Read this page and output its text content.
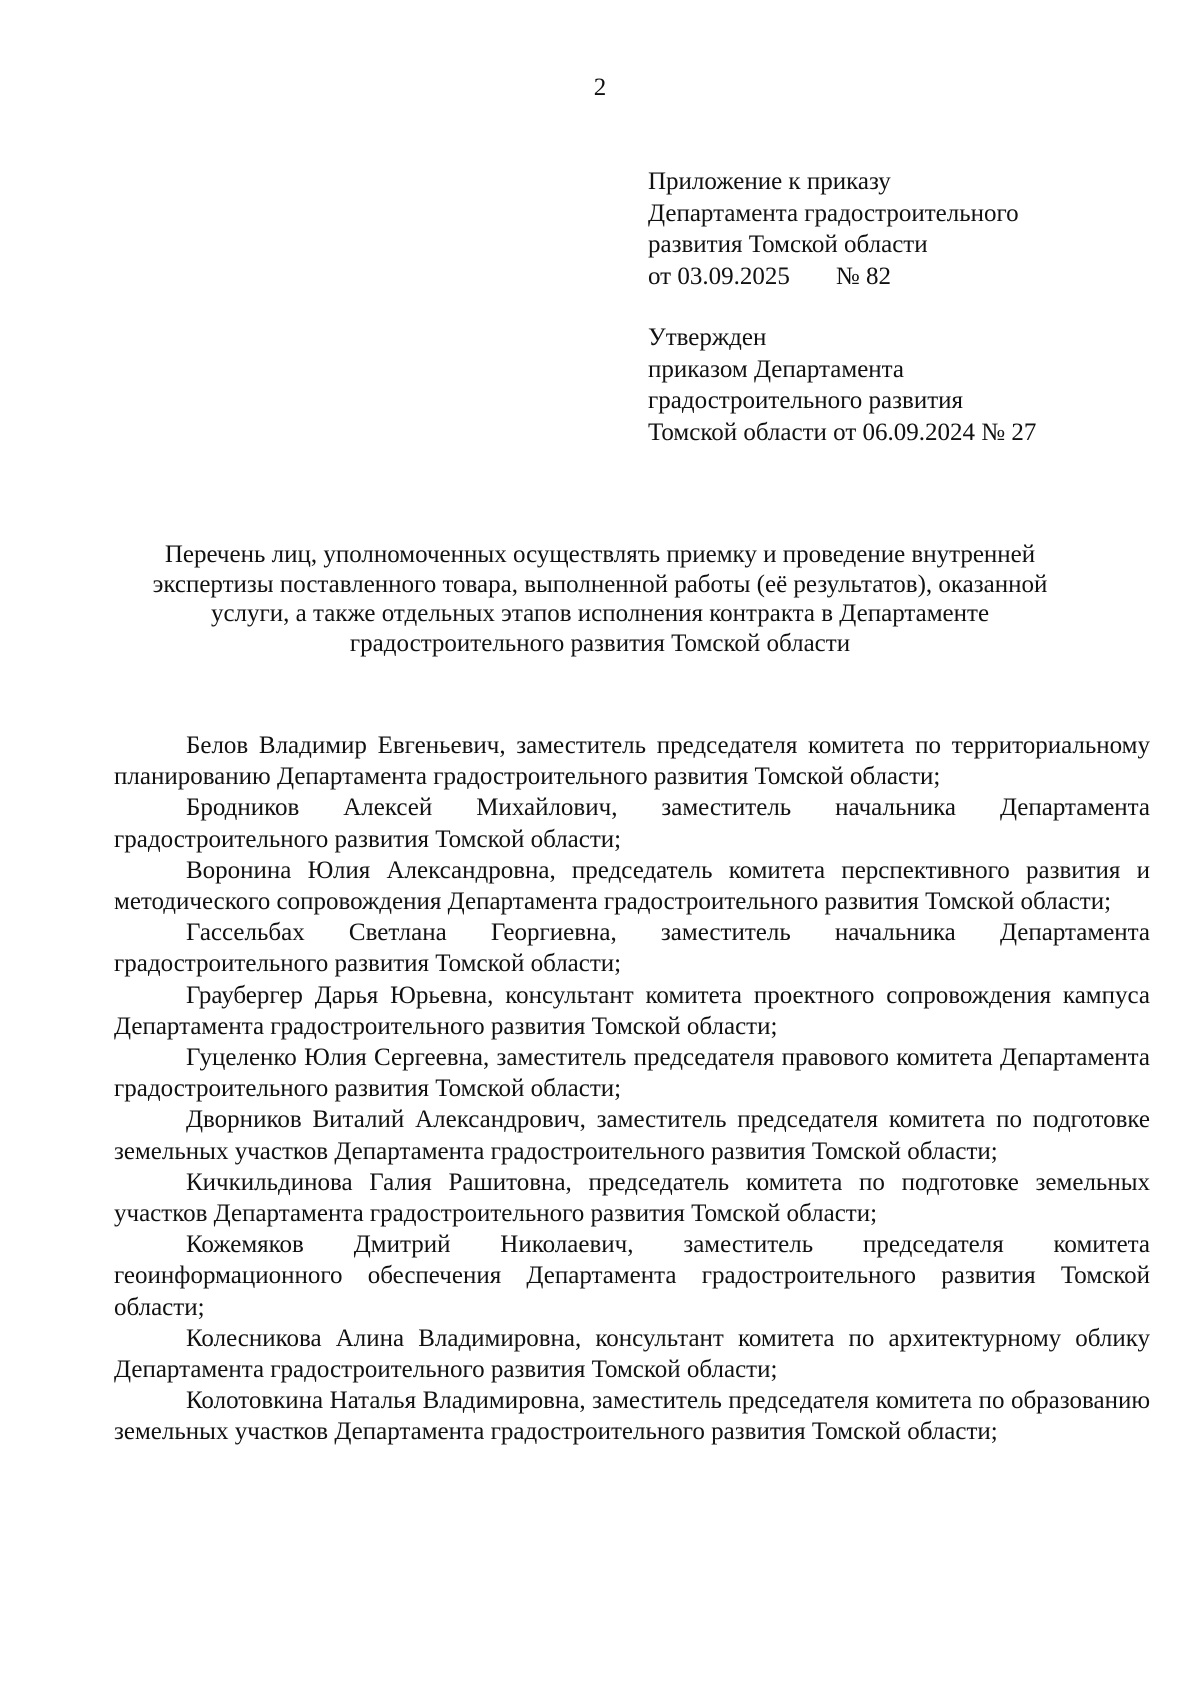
2
Приложение к приказу
Департамента градостроительного
развития Томской области
от 03.09.2025 № 82
Утвержден
приказом Департамента
градостроительного развития
Томской области от 06.09.2024 № 27
Перечень лиц, уполномоченных осуществлять приемку и проведение внутренней
экспертизы поставленного товара, выполненной работы (её результатов), оказанной
услуги, а также отдельных этапов исполнения контракта в Департаменте
градостроительного развития Томской области

Белов Владимир Евгеньевич, заместитель председателя комитета по территориальному планированию Департамента градостроительного развития Томской области;

Бродников Алексей Михайлович, заместитель начальника Департамента градостроительного развития Томской области;

Воронина Юлия Александровна, председатель комитета перспективного развития и методического сопровождения Департамента градостроительного развития Томской области;

Гассельбах Светлана Георгиевна, заместитель начальника Департамента градостроительного развития Томской области;

Граубергер Дарья Юрьевна, консультант комитета проектного сопровождения кампуса Департамента градостроительного развития Томской области;

Гуцеленко Юлия Сергеевна, заместитель председателя правового комитета Департамента градостроительного развития Томской области;

Дворников Виталий Александрович, заместитель председателя комитета по подготовке земельных участков Департамента градостроительного развития Томской области;

Кичкильдинова Галия Рашитовна, председатель комитета по подготовке земельных участков Департамента градостроительного развития Томской области;

Кожемяков Дмитрий Николаевич, заместитель председателя комитета геоинформационного обеспечения Департамента градостроительного развития Томской области;

Колесникова Алина Владимировна, консультант комитета по архитектурному облику Департамента градостроительного развития Томской области;

Колотовкина Наталья Владимировна, заместитель председателя комитета по образованию земельных участков Департамента градостроительного развития Томской области;
